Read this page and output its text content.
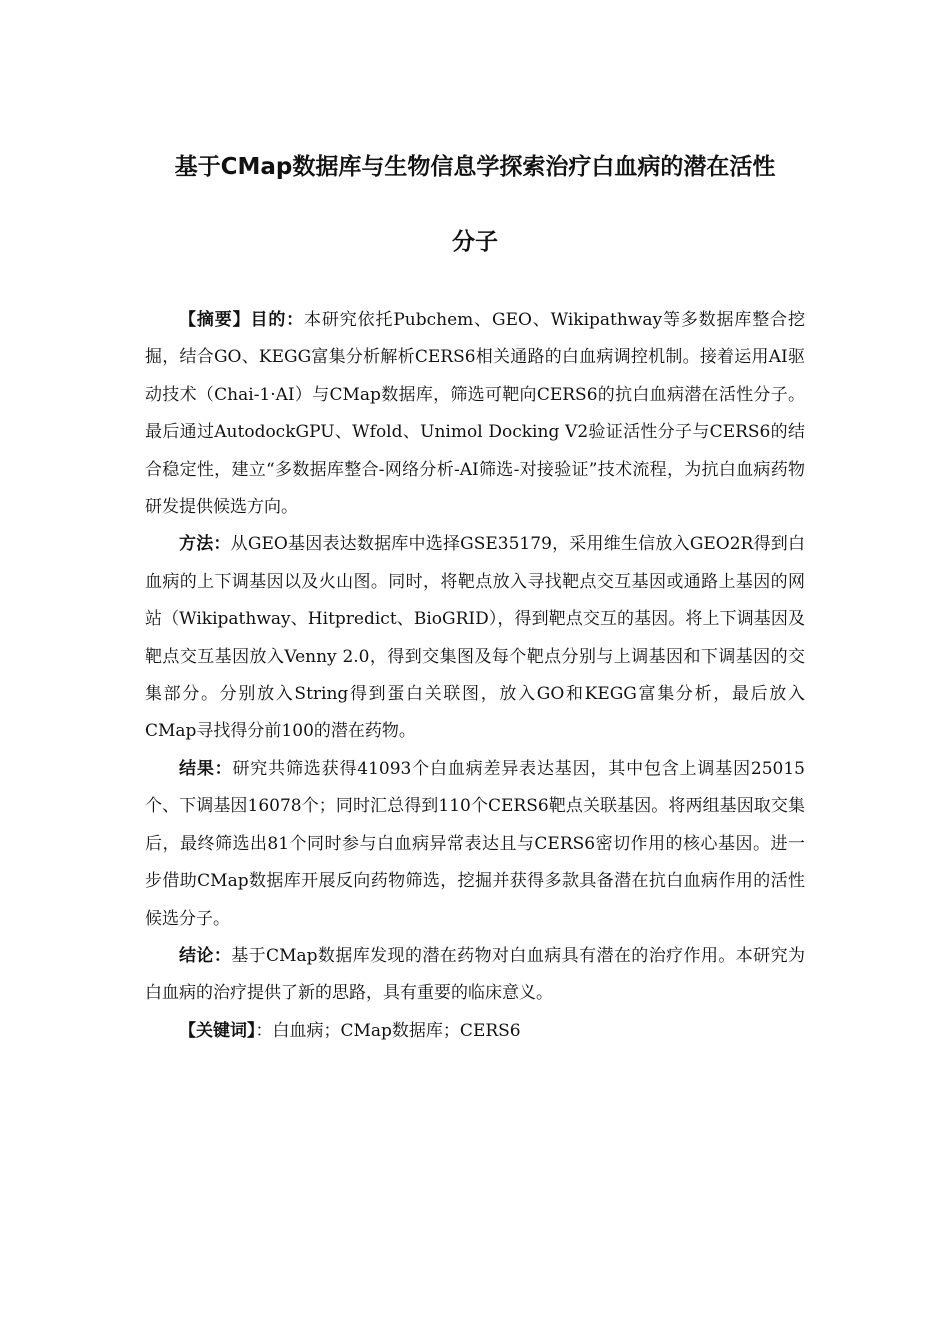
基于CMap数据库与生物信息学探索治疗白血病的潜在活性
分子

【摘要】目的：本研究依托Pubchem、GEO、Wikipathway等多数据库整合挖掘，结合GO、KEGG富集分析解析CERS6相关通路的白血病调控机制。接着运用AI驱动技术（Chai-1·AI）与CMap数据库，筛选可靶向CERS6的抗白血病潜在活性分子。最后通过AutodockGPU、Wfold、Unimol Docking V2验证活性分子与CERS6的结合稳定性，建立“多数据库整合-网络分析-AI筛选-对接验证”技术流程，为抗白血病药物研发提供候选方向。

方法：从GEO基因表达数据库中选择GSE35179，采用维生信放入GEO2R得到白血病的上下调基因以及火山图。同时，将靶点放入寻找靶点交互基因或通路上基因的网站（Wikipathway、Hitpredict、BioGRID），得到靶点交互的基因。将上下调基因及靶点交互基因放入Venny 2.0，得到交集图及每个靶点分别与上调基因和下调基因的交集部分。分别放入String得到蛋白关联图，放入GO和KEGG富集分析，最后放入CMap寻找得分前100的潜在药物。

结果：研究共筛选获得41093个白血病差异表达基因，其中包含上调基因25015个、下调基因16078个；同时汇总得到110个CERS6靶点关联基因。将两组基因取交集后，最终筛选出81个同时参与白血病异常表达且与CERS6密切作用的核心基因。进一步借助CMap数据库开展反向药物筛选，挖掘并获得多款具备潜在抗白血病作用的活性候选分子。

结论：基于CMap数据库发现的潜在药物对白血病具有潜在的治疗作用。本研究为白血病的治疗提供了新的思路，具有重要的临床意义。

【关键词】：白血病；CMap数据库；CERS6
